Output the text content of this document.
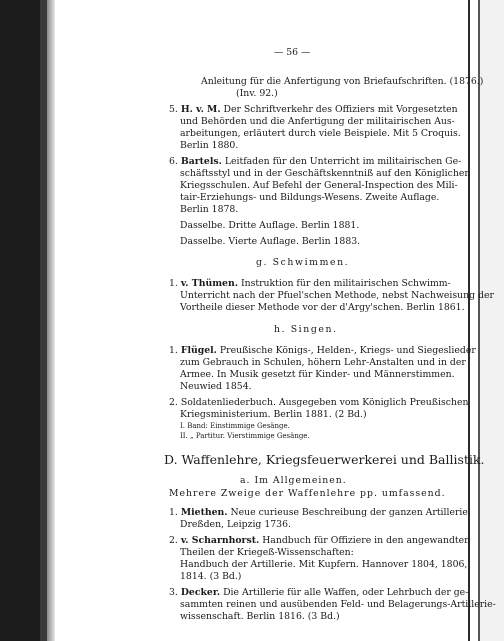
— 56 —
Anleitung für die Anfertigung von Briefaufschriften. (1876.)
(Inv. 92.)
5. H. v. M. Der Schriftverkehr des Offiziers mit Vorgesetzten
und Behörden und die Anfertigung der militairischen Aus-
arbeitungen, erläutert durch viele Beispiele. Mit 5 Croquis.
Berlin 1880.
6. Bartels. Leitfaden für den Unterricht im militairischen Ge-
schäftsstyl und in der Geschäftskenntniß auf den Königlichen
Kriegsschulen. Auf Befehl der General-Inspection des Mili-
tair-Erziehungs- und Bildungs-Wesens. Zweite Auflage.
Berlin 1878.
Dasselbe. Dritte Auflage. Berlin 1881.
Dasselbe. Vierte Auflage. Berlin 1883.
g. Schwimmen.
1. v. Thümen. Instruktion für den militairischen Schwimm-
Unterricht nach der Pfuel'schen Methode, nebst Nachweisung der
Vortheile dieser Methode vor der d'Argy'schen. Berlin 1861.
h. Singen.
1. Flügel. Preußische Königs-, Helden-, Kriegs- und Siegeslieder
zum Gebrauch in Schulen, höhern Lehr-Anstalten und in der
Armee. In Musik gesetzt für Kinder- und Männerstimmen.
Neuwied 1854.
2. Soldatenliederbuch. Ausgegeben vom Königlich Preußischen
Kriegsministerium. Berlin 1881. (2 Bd.)
I. Band: Einstimmige Gesänge.
II. „ Partitur. Vierstimmige Gesänge.
D. Waffenlehre, Kriegsfeuerwerkerei und Ballistik.
a. Im Allgemeinen.
Mehrere Zweige der Waffenlehre pp. umfassend.
1. Miethen. Neue curieuse Beschreibung der ganzen Artillerie.
Dreßden, Leipzig 1736.
2. v. Scharnhorst. Handbuch für Offiziere in den angewandten
Theilen der Kriegeß-Wissenschaften:
Handbuch der Artillerie. Mit Kupfern. Hannover 1804, 1806,
1814. (3 Bd.)
3. Decker. Die Artillerie für alle Waffen, oder Lehrbuch der ge-
sammten reinen und ausübenden Feld- und Belagerungs-Artillerie-
wissenschaft. Berlin 1816. (3 Bd.)
